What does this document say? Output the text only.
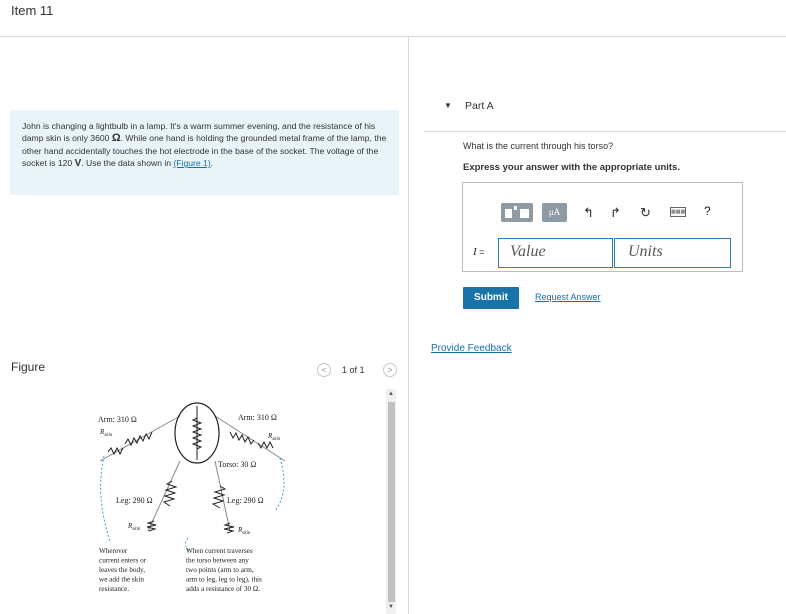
Item 11
John is changing a lightbulb in a lamp. It's a warm summer evening, and the resistance of his damp skin is only 3600 Ω. While one hand is holding the grounded metal frame of the lamp, the other hand accidentally touches the hot electrode in the base of the socket. The voltage of the socket is 120 V. Use the data shown in (Figure 1).
Figure	<	1 of 1	>
▲
▼
Arm: 310 Ω
$R_{skin}$
Arm: 310 Ω
$R_{skin}$
Torso: 30 Ω
Leg: 290 Ω	Leg: 290 Ω
$R_{skin}$	$R_{skin}$
Wherever
current enters or
leaves the body,
we add the skin
resistance.
When current traverses
the torso between any
two points (arm to arm,
arm to leg, leg to leg), this
adds a resistance of 30 Ω.
▼ Part A
What is the current through his torso?
Express your answer with the appropriate units.
μA	↰ ↱ ↻	▦▦▦ ?
I =	Value	Units
Submit	Request Answer
Provide Feedback
